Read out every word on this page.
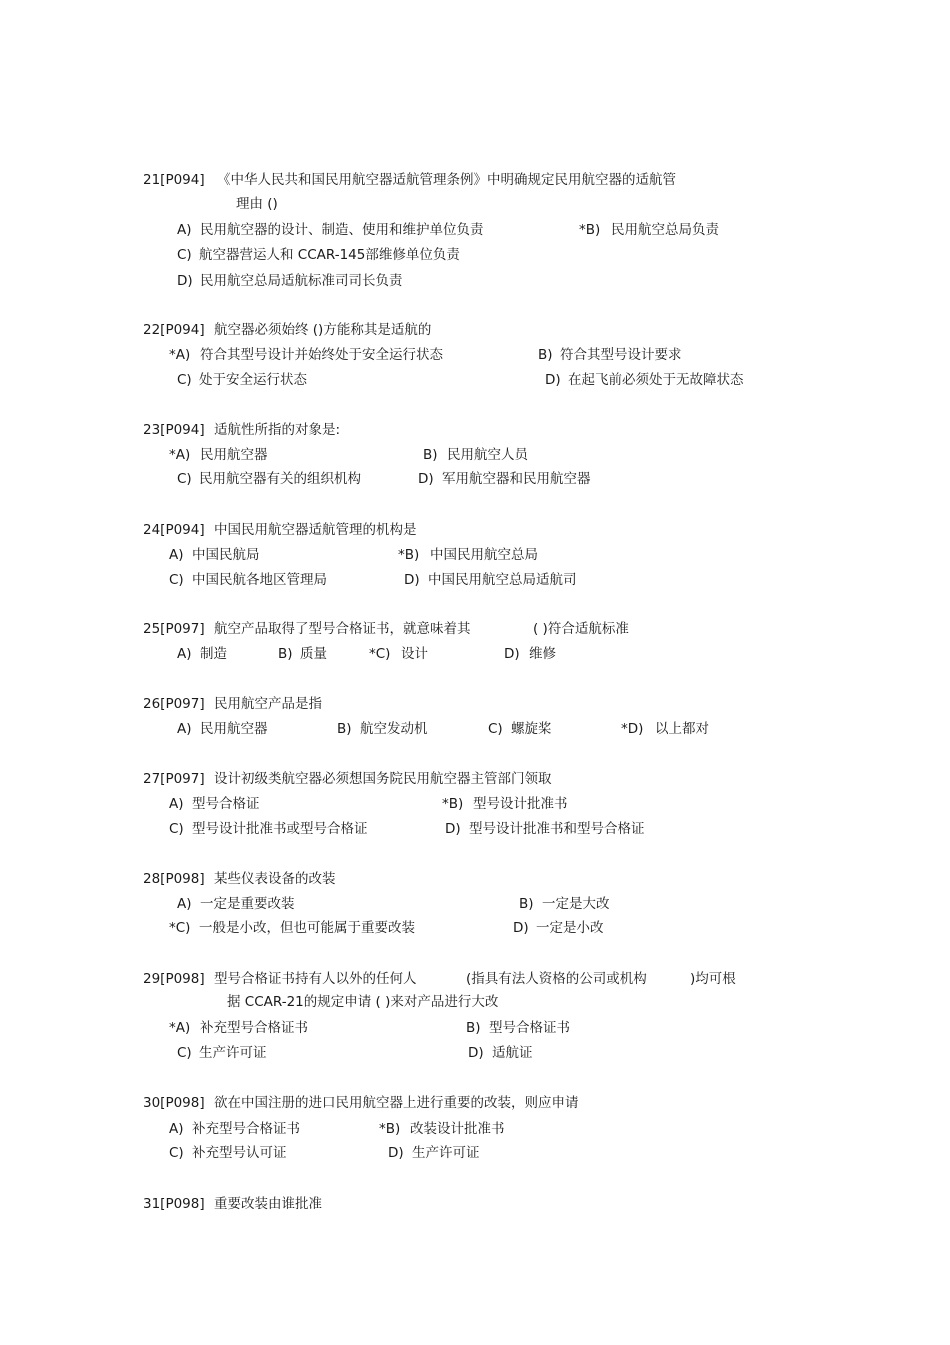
21[P094] 《中华人民共和国民用航空器适航管理条例》中明确规定民用航空器的适航管
理由 ()
A) 民用航空器的设计、制造、使用和维护单位负责	*B) 民用航空总局负责
C) 航空器营运人和 CCAR-145部维修单位负责
D) 民用航空总局适航标准司司长负责
22[P094] 航空器必须始终 ()方能称其是适航的
*A) 符合其型号设计并始终处于安全运行状态	B) 符合其型号设计要求
C) 处于安全运行状态	D) 在起飞前必须处于无故障状态
23[P094] 适航性所指的对象是:
*A) 民用航空器	B) 民用航空人员
C) 民用航空器有关的组织机构	D) 军用航空器和民用航空器
24[P094] 中国民用航空器适航管理的机构是
A) 中国民航局	*B) 中国民用航空总局
C) 中国民航各地区管理局	D) 中国民用航空总局适航司
25[P097] 航空产品取得了型号合格证书，就意味着其	( )符合适航标准
A) 制造	B) 质量	*C) 设计	D) 维修
26[P097] 民用航空产品是指
A) 民用航空器	B) 航空发动机	C) 螺旋桨	*D) 以上都对
27[P097] 设计初级类航空器必须想国务院民用航空器主管部门领取
A) 型号合格证	*B) 型号设计批准书
C) 型号设计批准书或型号合格证	D) 型号设计批准书和型号合格证
28[P098] 某些仪表设备的改装
A) 一定是重要改装	B) 一定是大改
*C) 一般是小改，但也可能属于重要改装	D) 一定是小改
29[P098] 型号合格证书持有人以外的任何人	(指具有法人资格的公司或机构	)均可根
据 CCAR-21的规定申请 ( )来对产品进行大改
*A) 补充型号合格证书	B) 型号合格证书
C) 生产许可证	D) 适航证
30[P098] 欲在中国注册的进口民用航空器上进行重要的改装，则应申请
A) 补充型号合格证书	*B) 改装设计批准书
C) 补充型号认可证	D) 生产许可证
31[P098] 重要改装由谁批准
